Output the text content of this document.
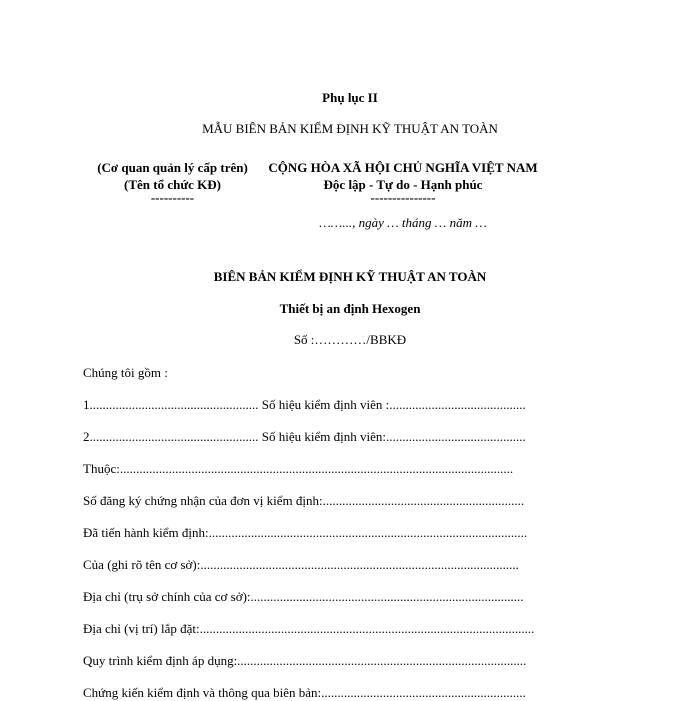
Phụ lục II
MẪU BIÊN BẢN KIỂM ĐỊNH KỸ THUẬT AN TOÀN
(Cơ quan quản lý cấp trên)
(Tên tổ chức KĐ)
----------
CỘNG HÒA XÃ HỘI CHỦ NGHĨA VIỆT NAM
Độc lập - Tự do - Hạnh phúc
---------------
……..., ngày … tháng … năm …
BIÊN BẢN KIỂM ĐỊNH KỸ THUẬT AN TOÀN
Thiết bị an định Hexogen
Số :…………/BBKĐ
Chúng tôi gồm :
1.................................................... Số hiệu kiểm định viên :..........................................
2.................................................... Số hiệu kiểm định viên:...........................................
Thuộc:.........................................................................................................................
Số đăng ký chứng nhận của đơn vị kiểm định:..............................................................
Đã tiến hành kiểm định:..................................................................................................
Của (ghi rõ tên cơ sở):..................................................................................................
Địa chỉ (trụ sở chính của cơ sở):....................................................................................
Địa chỉ (vị trí) lắp đặt:.......................................................................................................
Quy trình kiểm định áp dụng:.........................................................................................
Chứng kiến kiểm định và thông qua biên bản:...............................................................
